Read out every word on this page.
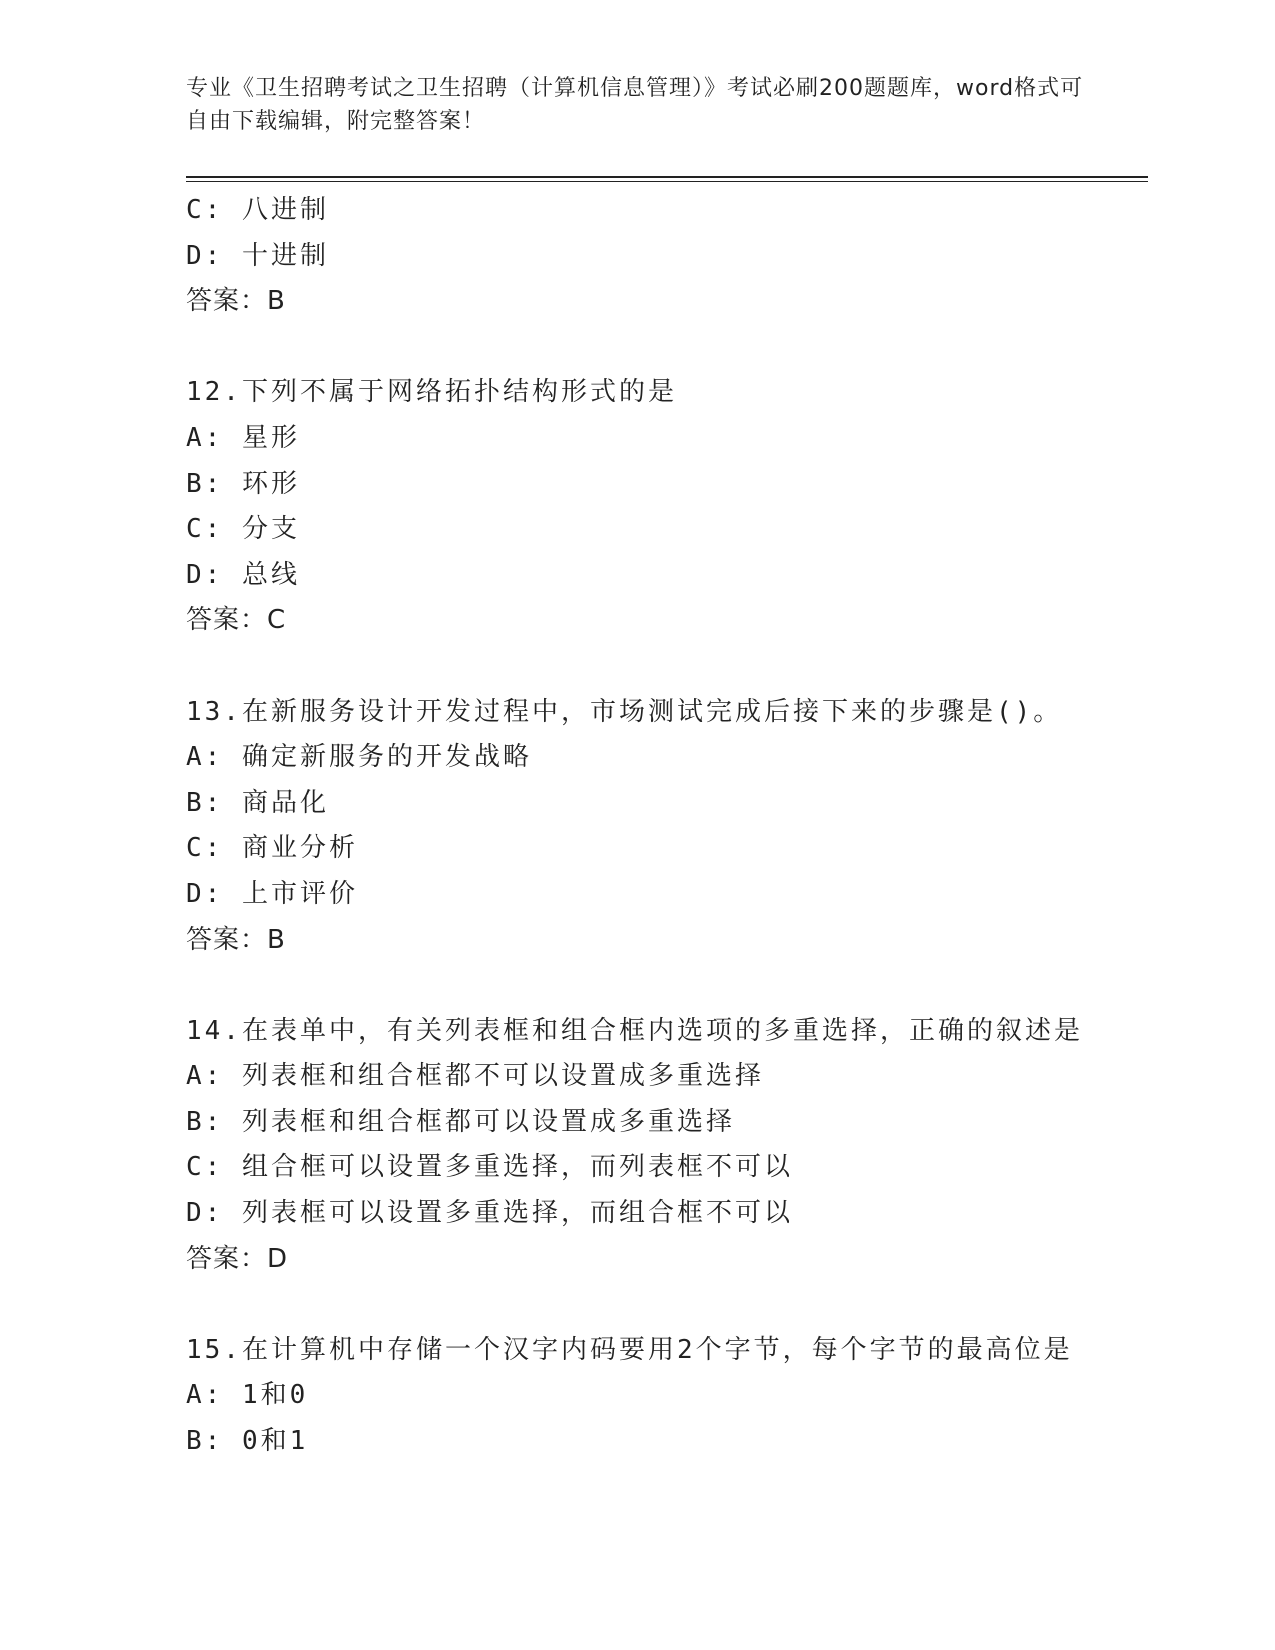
专业《卫生招聘考试之卫生招聘（计算机信息管理）》考试必刷200题题库，word格式可自由下载编辑，附完整答案！
C: 八进制
D: 十进制
答案：B
12.下列不属于网络拓扑结构形式的是
A: 星形
B: 环形
C: 分支
D: 总线
答案：C
13.在新服务设计开发过程中，市场测试完成后接下来的步骤是()。
A: 确定新服务的开发战略
B: 商品化
C: 商业分析
D: 上市评价
答案：B
14.在表单中，有关列表框和组合框内选项的多重选择，正确的叙述是
A: 列表框和组合框都不可以设置成多重选择
B: 列表框和组合框都可以设置成多重选择
C: 组合框可以设置多重选择，而列表框不可以
D: 列表框可以设置多重选择，而组合框不可以
答案：D
15.在计算机中存储一个汉字内码要用2个字节，每个字节的最高位是
A: 1和0
B: 0和1
